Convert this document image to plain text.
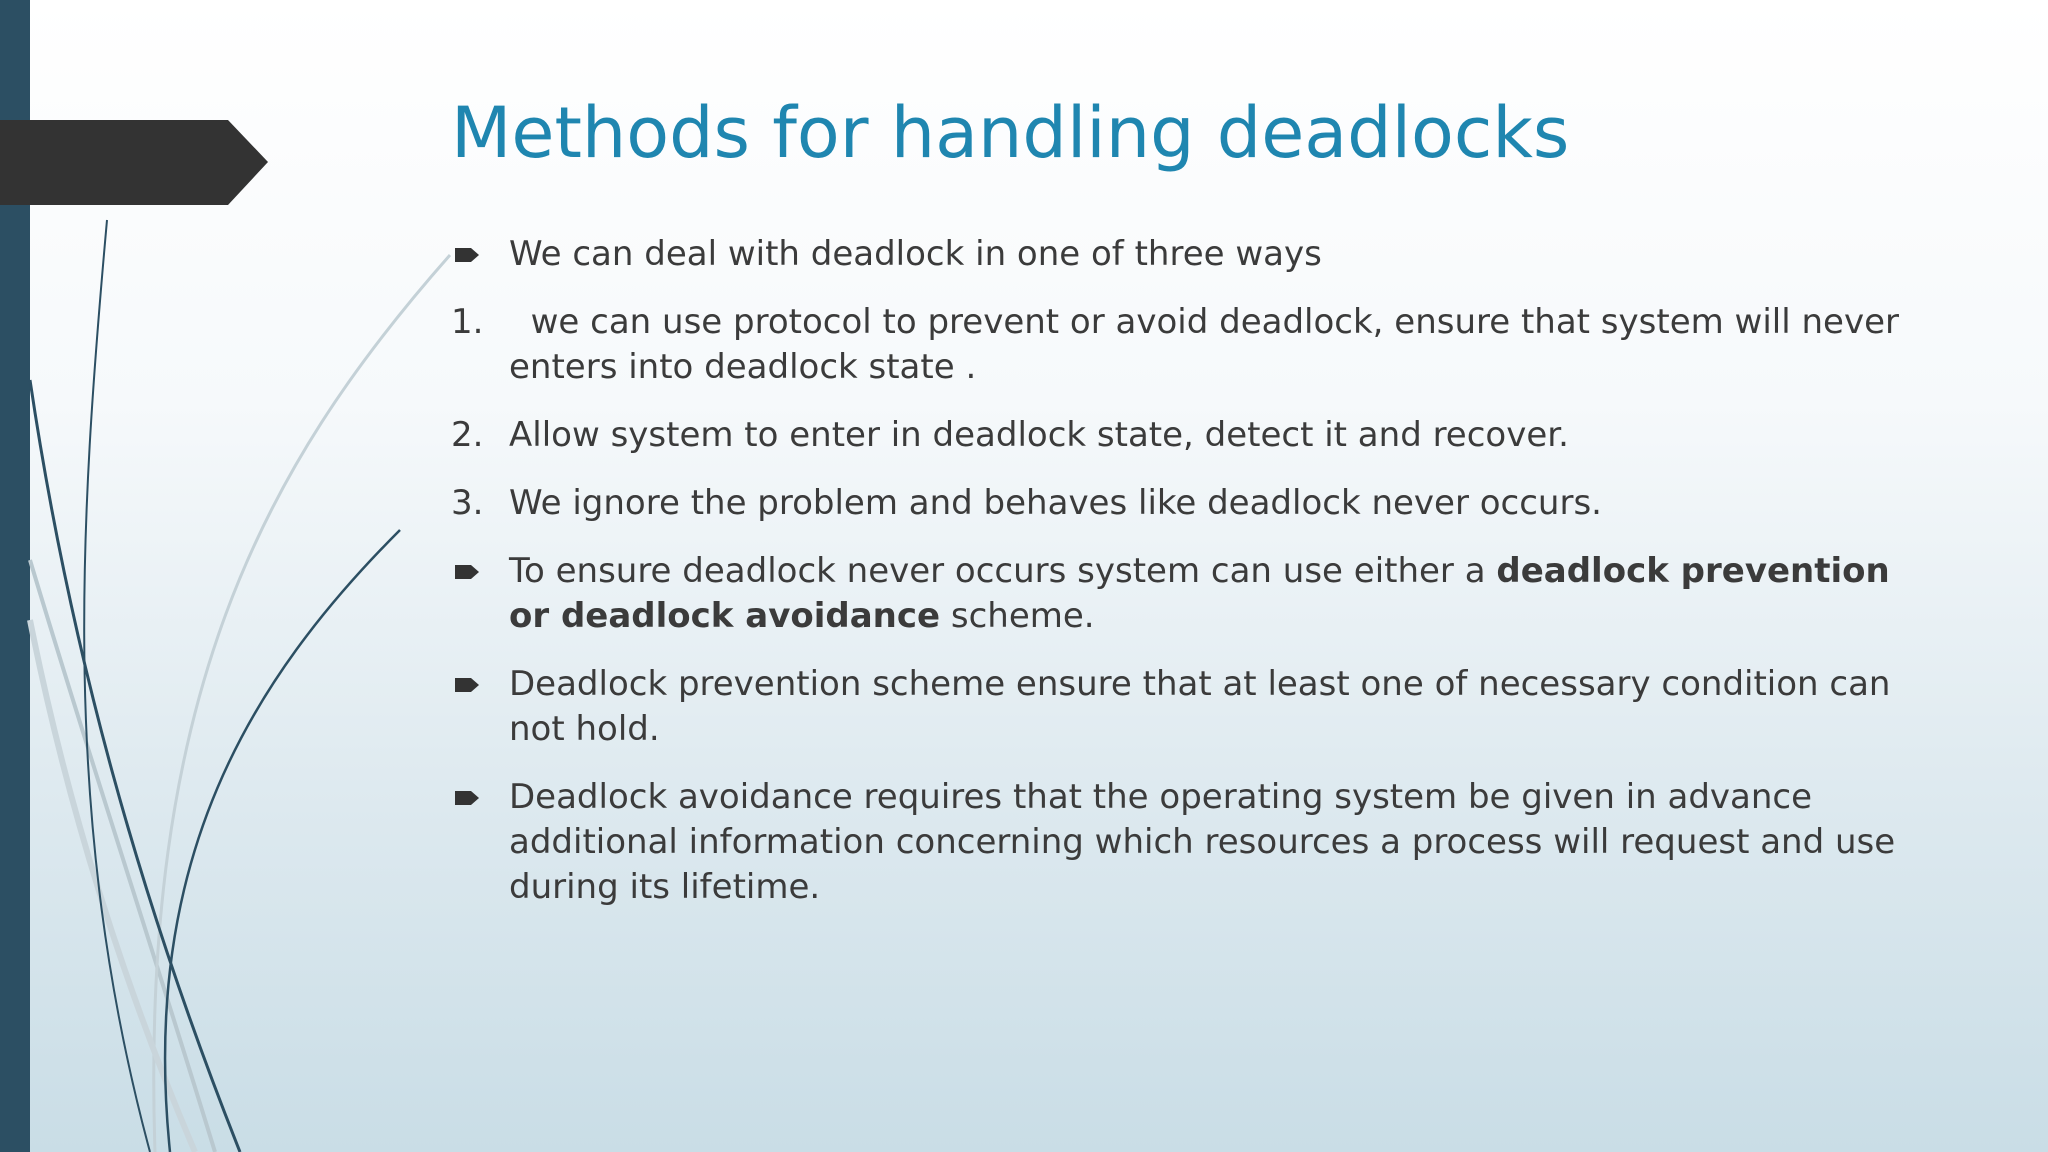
Methods for handling deadlocks
We can deal with deadlock in one of three ways
1. we can use protocol to prevent or avoid deadlock, ensure that system will never enters into deadlock state .
2. Allow system to enter in deadlock state, detect it and recover.
3. We ignore the problem and behaves like deadlock never occurs.
To ensure deadlock never occurs system can use either a deadlock prevention or deadlock avoidance scheme.
Deadlock prevention scheme ensure that at least one of necessary condition can not hold.
Deadlock avoidance requires that the operating system be given in advance additional information concerning which resources a process will request and use during its lifetime.
